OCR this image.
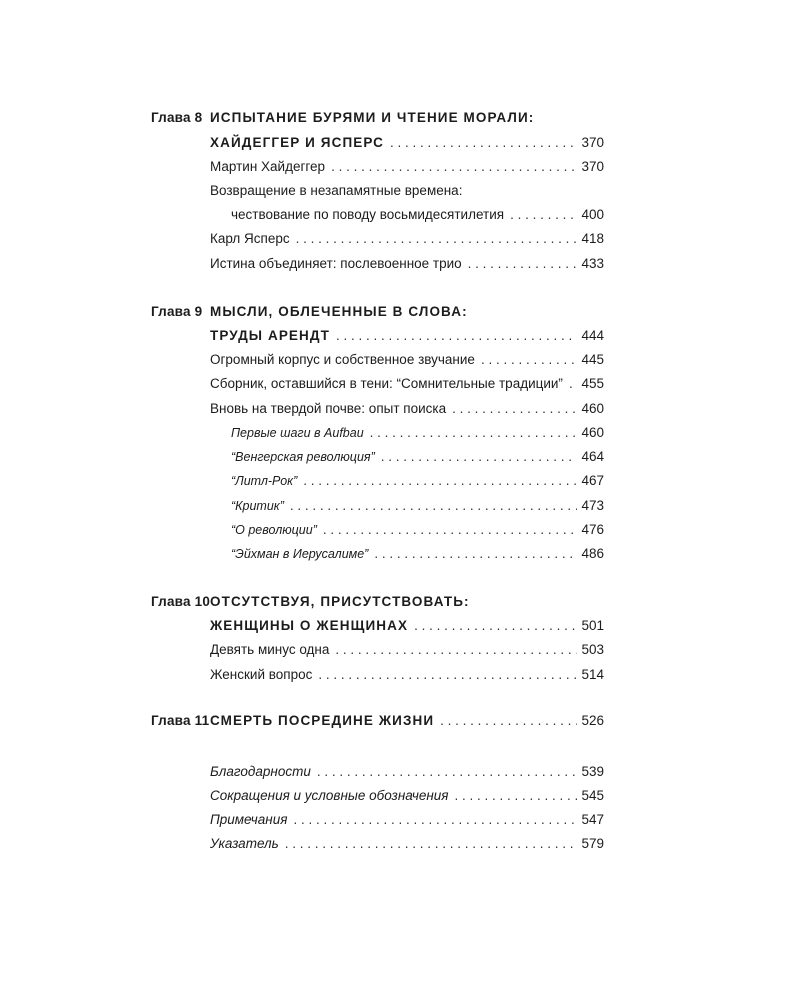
Глава 8 ИСПЫТАНИЕ БУРЯМИ И ЧТЕНИЕ МОРАЛИ:
ХАЙДЕГГЕР И ЯСПЕРС . . .	370
Мартин Хайдеггер . . .	370
Возвращение в незапамятные времена:
чествование по поводу восьмидесятилетия . . .	400
Карл Ясперс . . .	418
Истина объединяет: послевоенное трио . . .	433
Глава 9 МЫСЛИ, ОБЛЕЧЕННЫЕ В СЛОВА:
ТРУДЫ АРЕНДТ . . .	444
Огромный корпус и собственное звучание . . .	445
Сборник, оставшийся в тени: “Сомнительные традиции” . . .	455
Вновь на твердой почве: опыт поиска . . .	460
Первые шаги в Aufbau . . .	460
“Венгерская революция” . . .	464
“Литл-Рок” . . .	467
“Критик” . . .	473
“О революции” . . .	476
“Эйхман в Иерусалиме” . . .	486
Глава 10 ОТСУТСТВУЯ, ПРИСУТСТВОВАТЬ:
ЖЕНЩИНЫ О ЖЕНЩИНАХ . . .	501
Девять минус одна . . .	503
Женский вопрос . . .	514
Глава 11 СМЕРТЬ ПОСРЕДИНЕ ЖИЗНИ . . .	526
Благодарности . . .	539
Сокращения и условные обозначения . . .	545
Примечания . . .	547
Указатель . . .	579
